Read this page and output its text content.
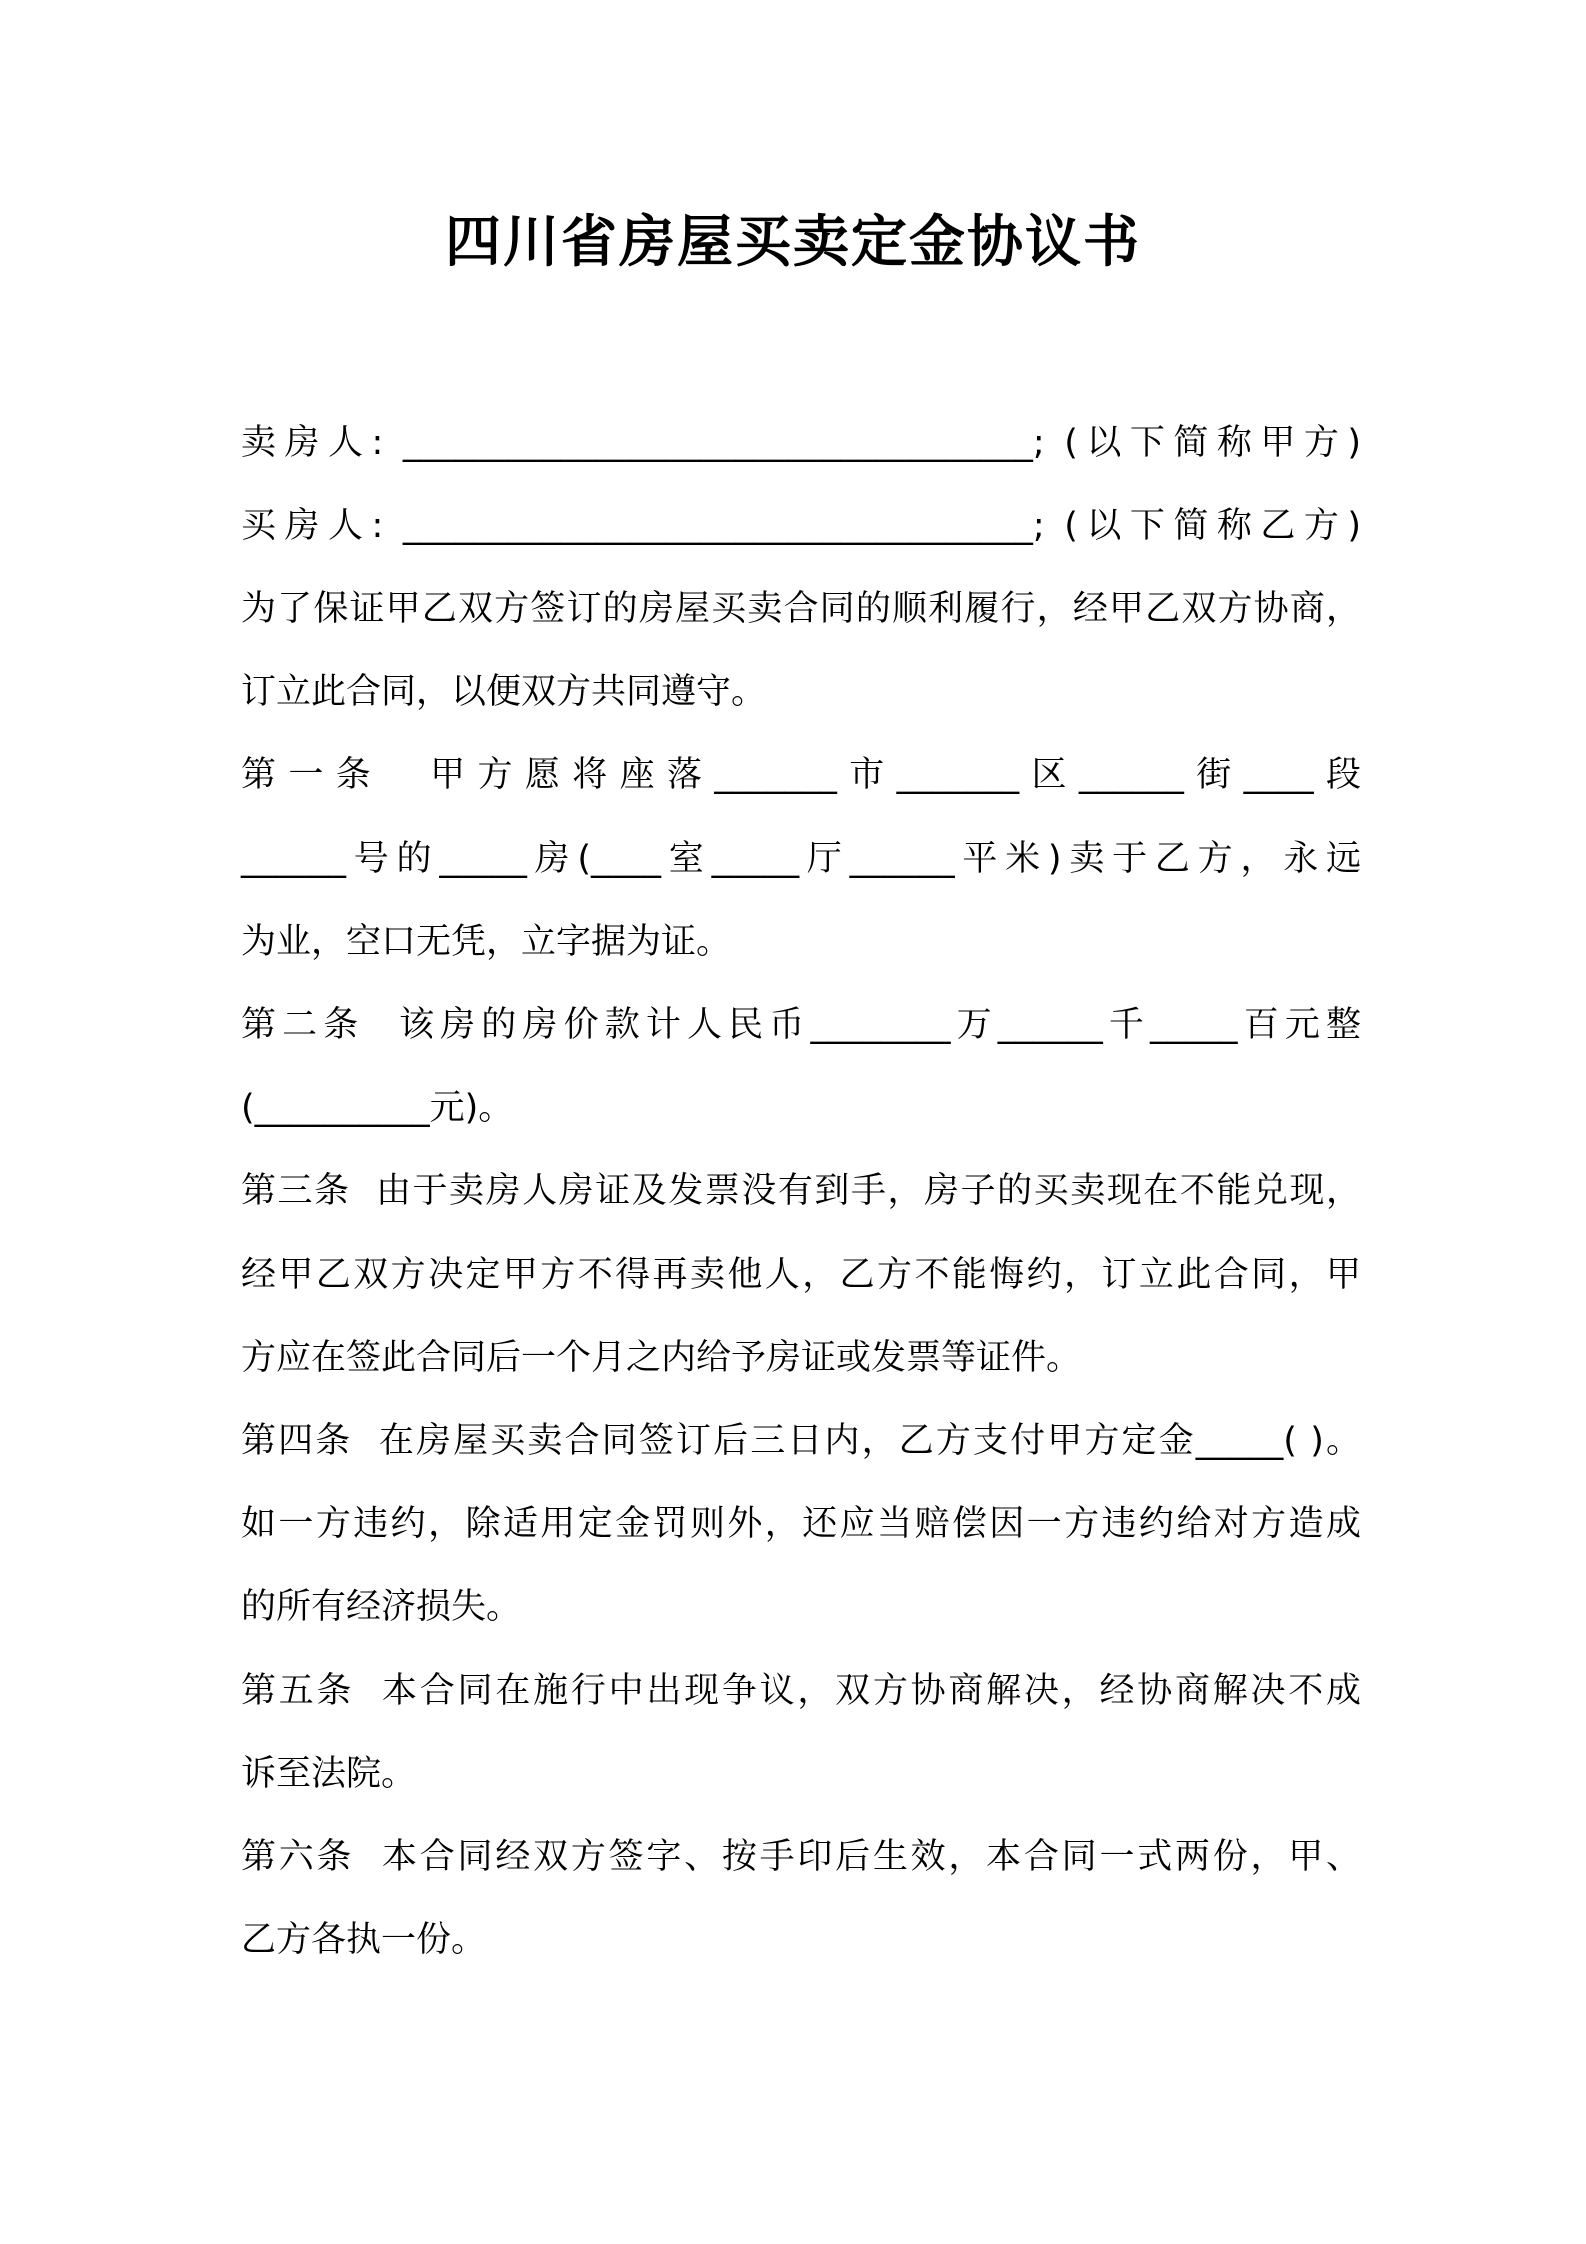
四川省房屋买卖定金协议书
卖房人: ____________________________________; (以下简称甲方)
买房人: ____________________________________; (以下简称乙方)
为了保证甲乙双方签订的房屋买卖合同的顺利履行，经甲乙双方协商，
订立此合同，以便双方共同遵守。
第一条  甲方愿将座落_______市_______区______街____段
______号的_____房(____室_____厅______平米)卖于乙方，永远
为业，空口无凭，立字据为证。
第二条  该房的房价款计人民币________万______千_____百元整
(__________元)。
第三条  由于卖房人房证及发票没有到手，房子的买卖现在不能兑现，
经甲乙双方决定甲方不得再卖他人，乙方不能悔约，订立此合同，甲
方应在签此合同后一个月之内给予房证或发票等证件。
第四条  在房屋买卖合同签订后三日内，乙方支付甲方定金_____( )。
如一方违约，除适用定金罚则外，还应当赔偿因一方违约给对方造成
的所有经济损失。
第五条  本合同在施行中出现争议，双方协商解决，经协商解决不成
诉至法院。
第六条  本合同经双方签字、按手印后生效，本合同一式两份，甲、
乙方各执一份。
